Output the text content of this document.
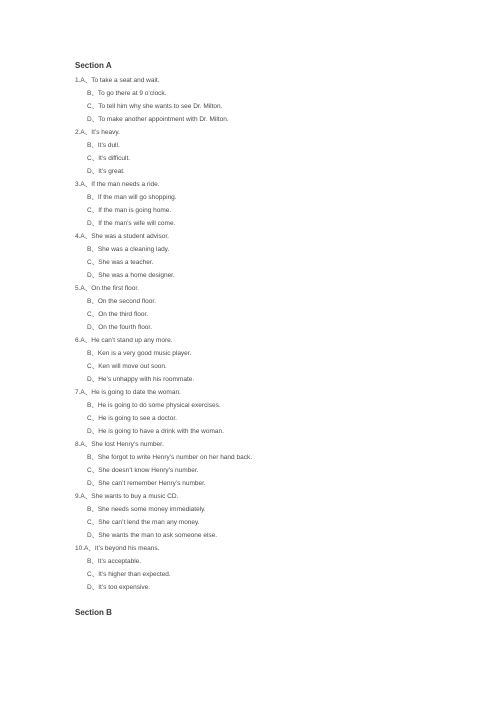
Section A
1.A、To take a seat and wait.
B、To go there at 9 o’clock.
C、To tell him why she wants to see Dr. Milton.
D、To make another appointment with Dr. Milton.
2.A、It’s heavy.
B、It’s dull.
C、It’s difficult.
D、It’s great.
3.A、If the man needs a ride.
B、If the man will go shopping.
C、If the man is going home.
D、If the man’s wife will come.
4.A、She was a student advisor.
B、She was a cleaning lady.
C、She was a teacher.
D、She was a home designer.
5.A、On the first floor.
B、On the second floor.
C、On the third floor.
D、On the fourth floor.
6.A、He can’t stand up any more.
B、Ken is a very good music player.
C、Ken will move out soon.
D、He’s unhappy with his roommate.
7.A、He is going to date the woman.
B、He is going to do some physical exercises.
C、He is going to see a doctor.
D、He is going to have a drink with the woman.
8.A、She lost Henry’s number.
B、She forgot to write Henry’s number on her hand back.
C、She doesn’t know Henry’s number.
D、She can’t remember Henry’s number.
9.A、She wants to buy a music CD.
B、She needs some money immediately.
C、She can’t lend the man any money.
D、She wants the man to ask someone else.
10.A、It’s beyond his means.
B、It’s acceptable.
C、It’s higher than expected.
D、It’s too expensive.
Section B
